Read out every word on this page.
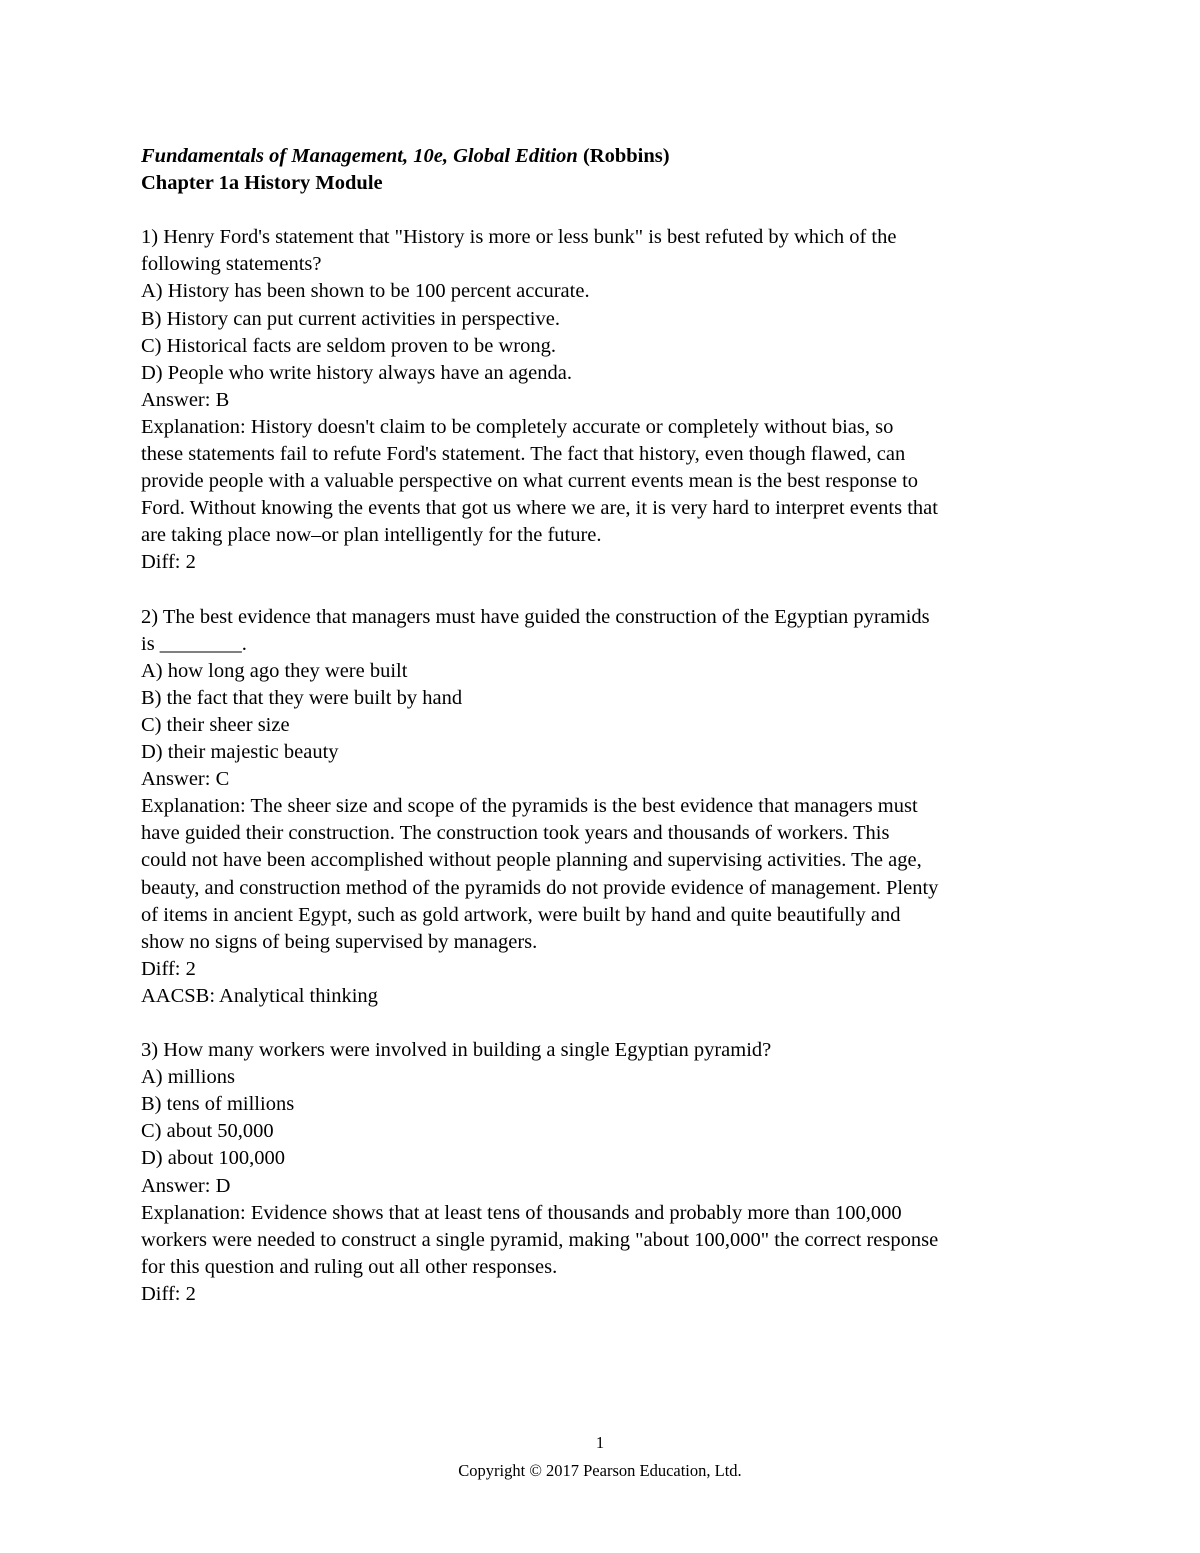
Fundamentals of Management, 10e, Global Edition (Robbins)
Chapter 1a History Module
1) Henry Ford's statement that "History is more or less bunk" is best refuted by which of the
following statements?
A) History has been shown to be 100 percent accurate.
B) History can put current activities in perspective.
C) Historical facts are seldom proven to be wrong.
D) People who write history always have an agenda.
Answer: B
Explanation: History doesn't claim to be completely accurate or completely without bias, so
these statements fail to refute Ford's statement. The fact that history, even though flawed, can
provide people with a valuable perspective on what current events mean is the best response to
Ford. Without knowing the events that got us where we are, it is very hard to interpret events that
are taking place now–or plan intelligently for the future.
Diff: 2
2) The best evidence that managers must have guided the construction of the Egyptian pyramids
is ________.
A) how long ago they were built
B) the fact that they were built by hand
C) their sheer size
D) their majestic beauty
Answer: C
Explanation: The sheer size and scope of the pyramids is the best evidence that managers must
have guided their construction. The construction took years and thousands of workers. This
could not have been accomplished without people planning and supervising activities. The age,
beauty, and construction method of the pyramids do not provide evidence of management. Plenty
of items in ancient Egypt, such as gold artwork, were built by hand and quite beautifully and
show no signs of being supervised by managers.
Diff: 2
AACSB: Analytical thinking
3) How many workers were involved in building a single Egyptian pyramid?
A) millions
B) tens of millions
C) about 50,000
D) about 100,000
Answer: D
Explanation: Evidence shows that at least tens of thousands and probably more than 100,000
workers were needed to construct a single pyramid, making "about 100,000" the correct response
for this question and ruling out all other responses.
Diff: 2
1
Copyright © 2017 Pearson Education, Ltd.
